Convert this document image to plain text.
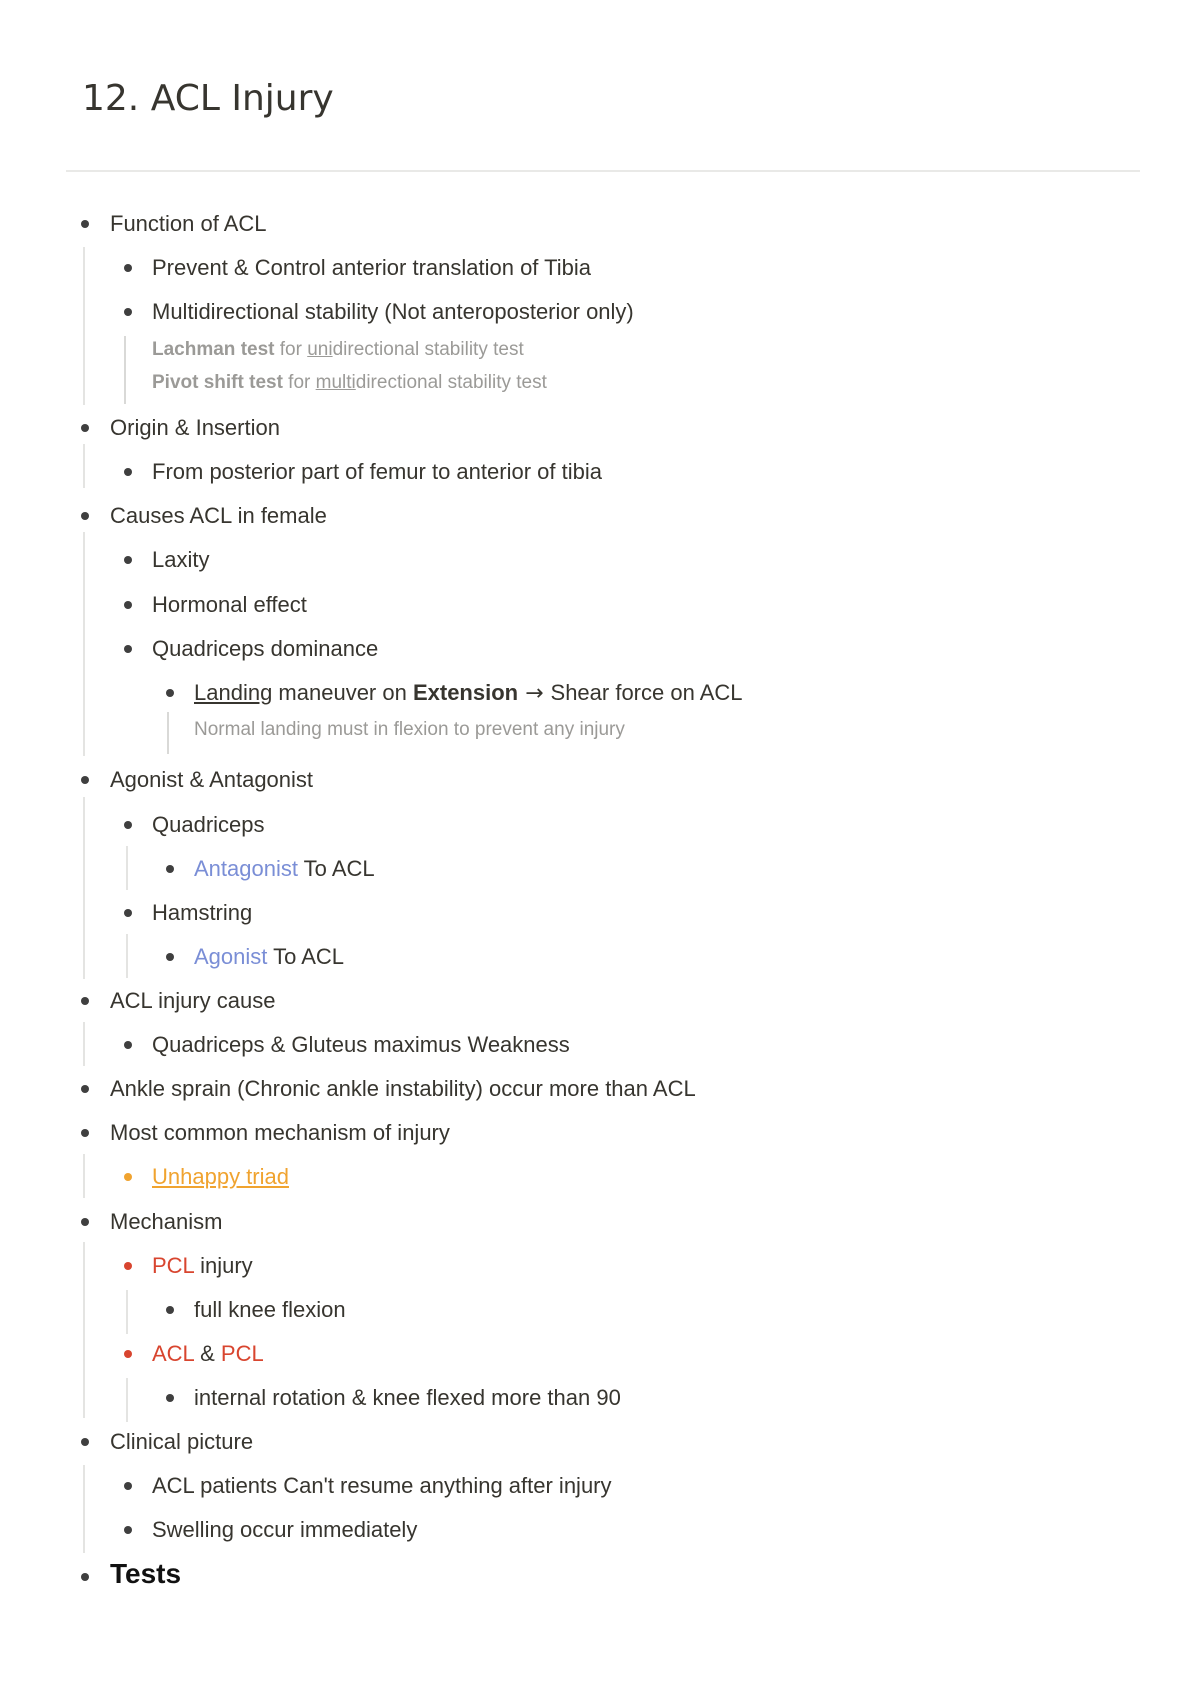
12. ACL Injury
Function of ACL
Prevent & Control anterior translation of Tibia
Multidirectional stability (Not anteroposterior only)
Lachman test for unidirectional stability test
Pivot shift test for multidirectional stability test
Origin & Insertion
From posterior part of femur to anterior of tibia
Causes ACL in female
Laxity
Hormonal effect
Quadriceps dominance
Landing maneuver on Extension → Shear force on ACL
Normal landing must in flexion to prevent any injury
Agonist & Antagonist
Quadriceps
Antagonist To ACL
Hamstring
Agonist To ACL
ACL injury cause
Quadriceps & Gluteus maximus Weakness
Ankle sprain (Chronic ankle instability) occur more than ACL
Most common mechanism of injury
Unhappy triad
Mechanism
PCL injury
full knee flexion
ACL & PCL
internal rotation & knee flexed more than 90
Clinical picture
ACL patients Can't resume anything after injury
Swelling occur immediately
Tests
